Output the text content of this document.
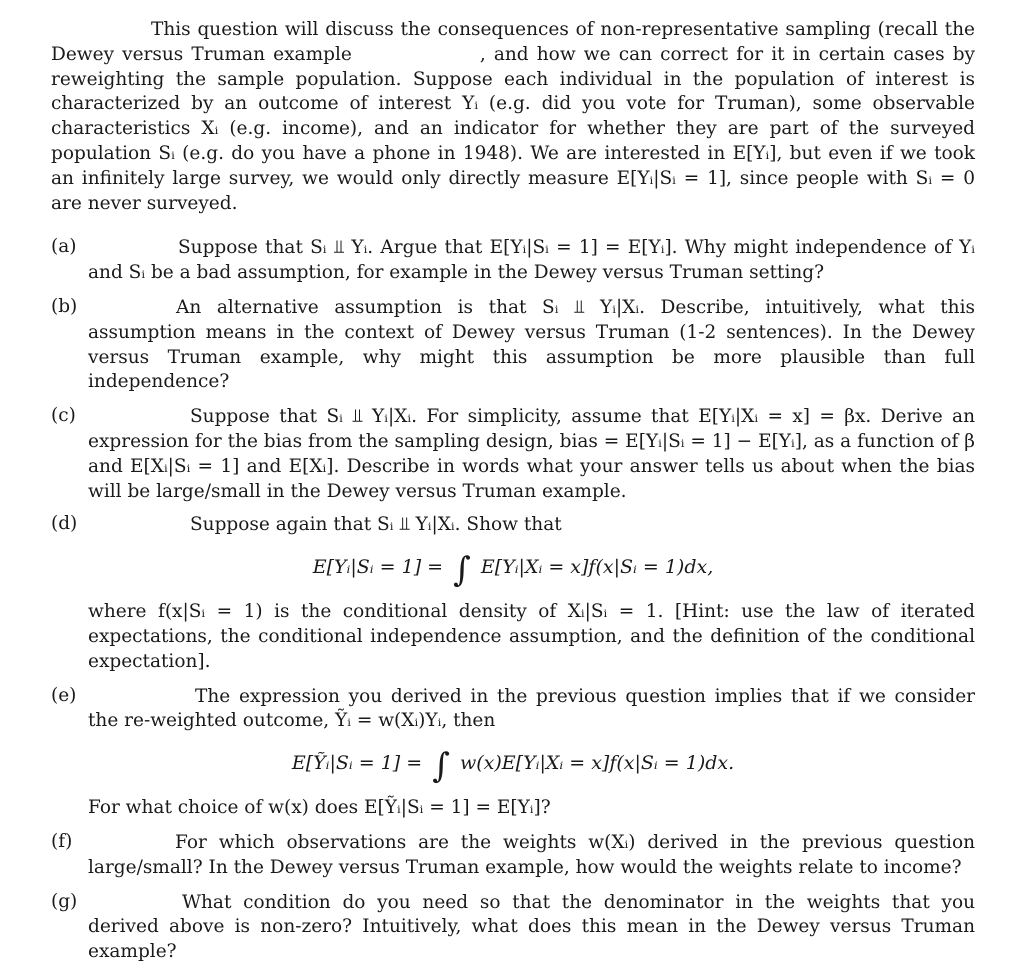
This question will discuss the consequences of non-representative sampling (recall the Dewey versus Truman example	, and how we can correct for it in certain cases by reweighting the sample population. Suppose each individual in the population of interest is characterized by an outcome of interest Yᵢ (e.g. did you vote for Truman), some observable characteristics Xᵢ (e.g. income), and an indicator for whether they are part of the surveyed population Sᵢ (e.g. do you have a phone in 1948). We are interested in E[Yᵢ], but even if we took an infinitely large survey, we would only directly measure E[Yᵢ|Sᵢ = 1], since people with Sᵢ = 0 are never surveyed.

(a)	Suppose that Sᵢ ⫫ Yᵢ. Argue that E[Yᵢ|Sᵢ = 1] = E[Yᵢ]. Why might independence of Yᵢ and Sᵢ be a bad assumption, for example in the Dewey versus Truman setting?
(b)	An alternative assumption is that Sᵢ ⫫ Yᵢ|Xᵢ. Describe, intuitively, what this assumption means in the context of Dewey versus Truman (1-2 sentences). In the Dewey versus Truman example, why might this assumption be more plausible than full independence?
(c)	Suppose that Sᵢ ⫫ Yᵢ|Xᵢ. For simplicity, assume that E[Yᵢ|Xᵢ = x] = βx. Derive an expression for the bias from the sampling design, bias = E[Yᵢ|Sᵢ = 1] − E[Yᵢ], as a function of β and E[Xᵢ|Sᵢ = 1] and E[Xᵢ]. Describe in words what your answer tells us about when the bias will be large/small in the Dewey versus Truman example.
(d)	Suppose again that Sᵢ ⫫ Yᵢ|Xᵢ. Show that
E[Yᵢ|Sᵢ = 1] = ∫ E[Yᵢ|Xᵢ = x]f(x|Sᵢ = 1)dx,
where f(x|Sᵢ = 1) is the conditional density of Xᵢ|Sᵢ = 1. [Hint: use the law of iterated expectations, the conditional independence assumption, and the definition of the conditional expectation].
(e)	The expression you derived in the previous question implies that if we consider the re-weighted outcome, Ỹᵢ = w(Xᵢ)Yᵢ, then
E[Ỹᵢ|Sᵢ = 1] = ∫ w(x)E[Yᵢ|Xᵢ = x]f(x|Sᵢ = 1)dx.
For what choice of w(x) does E[Ỹᵢ|Sᵢ = 1] = E[Yᵢ]?
(f)	For which observations are the weights w(Xᵢ) derived in the previous question large/small? In the Dewey versus Truman example, how would the weights relate to income?
(g)	What condition do you need so that the denominator in the weights that you derived above is non-zero? Intuitively, what does this mean in the Dewey versus Truman example?
